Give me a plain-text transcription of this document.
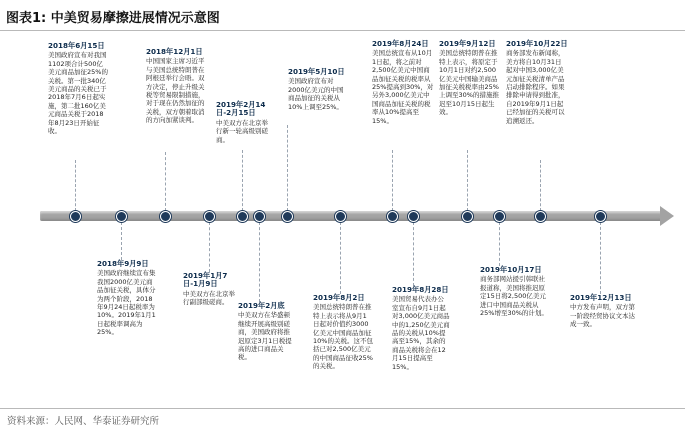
图表1: 中美贸易摩擦进展情况示意图
2018年6月15日
美国政府宣布对我国1102项合计500亿美元商品加征25%的关税。第一批340亿美元商品的关税已于2018年7月6日起实施，第二批160亿美元商品关税于2018年8月23日开始征收。
2018年12月1日
中国国家主席习近平与美国总统特朗普在阿根廷举行会晤。双方决定，停止升级关税等贸易限制措施，对于现在仍然加征的关税，双方朝着取消的方向加紧谈判。
2019年2月14日-2月15日
中美双方在北京举行新一轮高级别磋商。
2019年5月10日
美国政府宣布对2000亿美元的中国商品加征的关税从10%上调至25%。
2019年8月24日
美国总统宣布从10月1日起，将之前对2,500亿美元中国商品加征关税的税率从25%提高到30%，对另外3,000亿美元中国商品加征关税的税率从10%提高至15%。
2019年9月12日
美国总统特朗普在推特上表示，将原定于10月1日对约2,500亿美元中国输美商品加征关税税率由25%上调至30%的措施推迟至10月15日起生效。
2019年10月22日
商务部发布新闻称，美方将自10月31日起对中国3,000亿美元加征关税清单产品启动排除程序。如果排除申请得到批准，自2019年9月1日起已经加征的关税可以追溯返还。
2018年9月9日
美国政府继续宣布集我国2000亿美元商品加征关税，具体分为两个阶段，2018年9月24日起税率为10%。2019年1月1日起税率调高为25%。
2019年1月7日-1月9日
中美双方在北京举行副部级磋商。	2019年2月底
中美双方在华盛顿继续开展高级别磋商，美国政府将推迟原定3月1日税提高的进口商品关税。
2019年8月2日
美国总统特朗普在推特上表示将从9月1日起对价值约3000亿美元中国商品加征10%的关税。这不包括已对2,500亿美元的中国商品征收25%的关税。
2019年8月28日
美国贸易代表办公室宣布自9月1日起对3,000亿美元商品中的1,250亿美元商品的关税从10%提高至15%，其余的商品关税将会在12月15日提高至15%。
2019年10月17日
商务部网站援引韩联社报道称，美国将推迟原定15日将2,500亿美元进口中国商品关税从25%增至30%的计划。
2019年12月13日
中方发布声明，双方第一阶段经贸协议文本达成一致。
资料来源：人民网、华泰证券研究所
